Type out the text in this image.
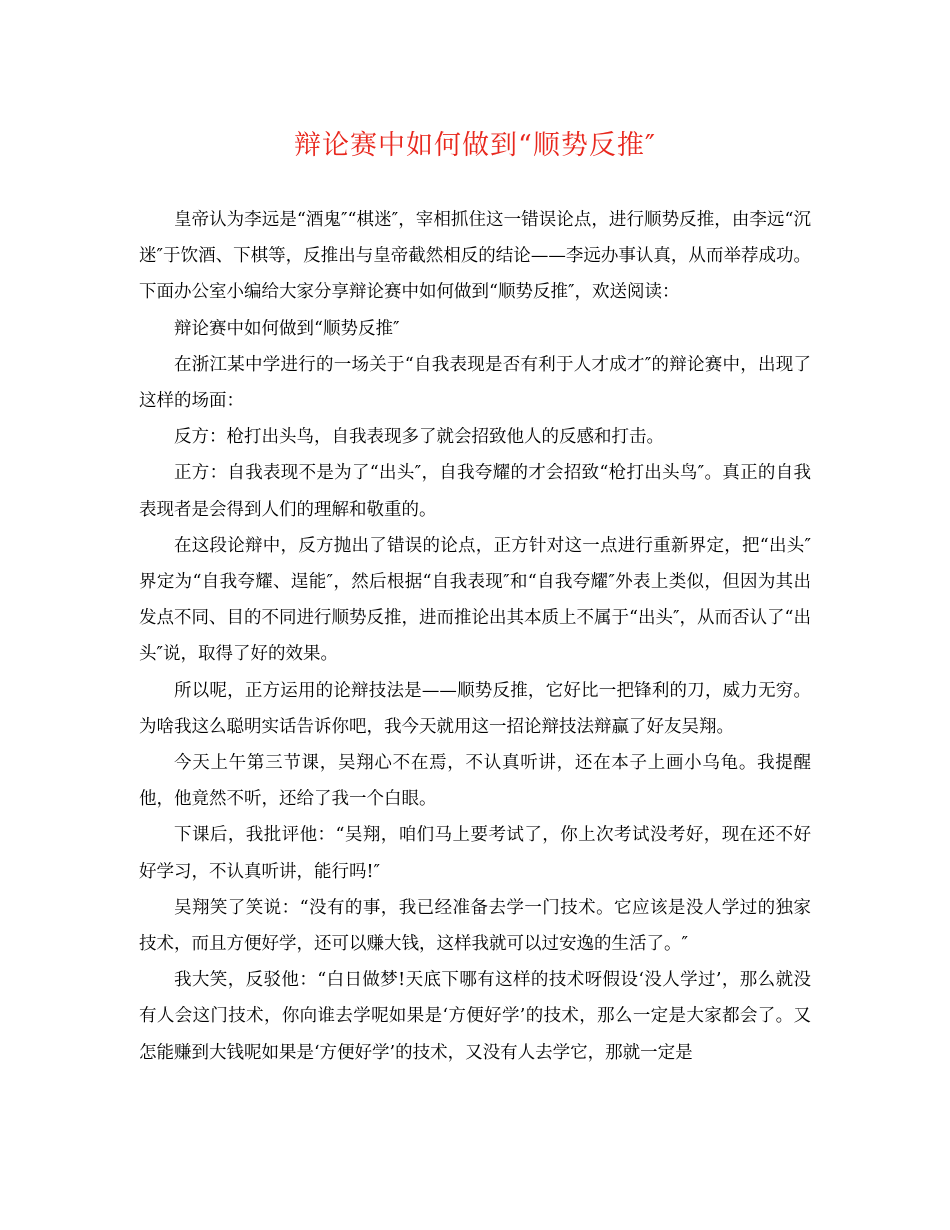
辩论赛中如何做到“顺势反推″

皇帝认为李远是“酒鬼″“棋迷″，宰相抓住这一错误论点，进行顺势反推，由李远“沉迷″于饮酒、下棋等，反推出与皇帝截然相反的结论——李远办事认真，从而举荐成功。下面办公室小编给大家分享辩论赛中如何做到“顺势反推″，欢送阅读：

辩论赛中如何做到“顺势反推″

在浙江某中学进行的一场关于“自我表现是否有利于人才成才″的辩论赛中，出现了这样的场面：

反方：枪打出头鸟，自我表现多了就会招致他人的反感和打击。

正方：自我表现不是为了“出头″，自我夸耀的才会招致“枪打出头鸟″。真正的自我表现者是会得到人们的理解和敬重的。

在这段论辩中，反方抛出了错误的论点，正方针对这一点进行重新界定，把“出头″界定为“自我夸耀、逞能″，然后根据“自我表现″和“自我夸耀″外表上类似，但因为其出发点不同、目的不同进行顺势反推，进而推论出其本质上不属于“出头″，从而否认了“出头″说，取得了好的效果。

所以呢，正方运用的论辩技法是——顺势反推，它好比一把锋利的刀，威力无穷。为啥我这么聪明实话告诉你吧，我今天就用这一招论辩技法辩赢了好友吴翔。

今天上午第三节课，吴翔心不在焉，不认真听讲，还在本子上画小乌龟。我提醒他，他竟然不听，还给了我一个白眼。

下课后，我批评他：“吴翔，咱们马上要考试了，你上次考试没考好，现在还不好好学习，不认真听讲，能行吗!″

吴翔笑了笑说：“没有的事，我已经准备去学一门技术。它应该是没人学过的独家技术，而且方便好学，还可以赚大钱，这样我就可以过安逸的生活了。″

我大笑，反驳他：“白日做梦!天底下哪有这样的技术呀假设‘没人学过’，那么就没有人会这门技术，你向谁去学呢如果是‘方便好学’的技术，那么一定是大家都会了。又怎能赚到大钱呢如果是‘方便好学’的技术，又没有人去学它，那就一定是
